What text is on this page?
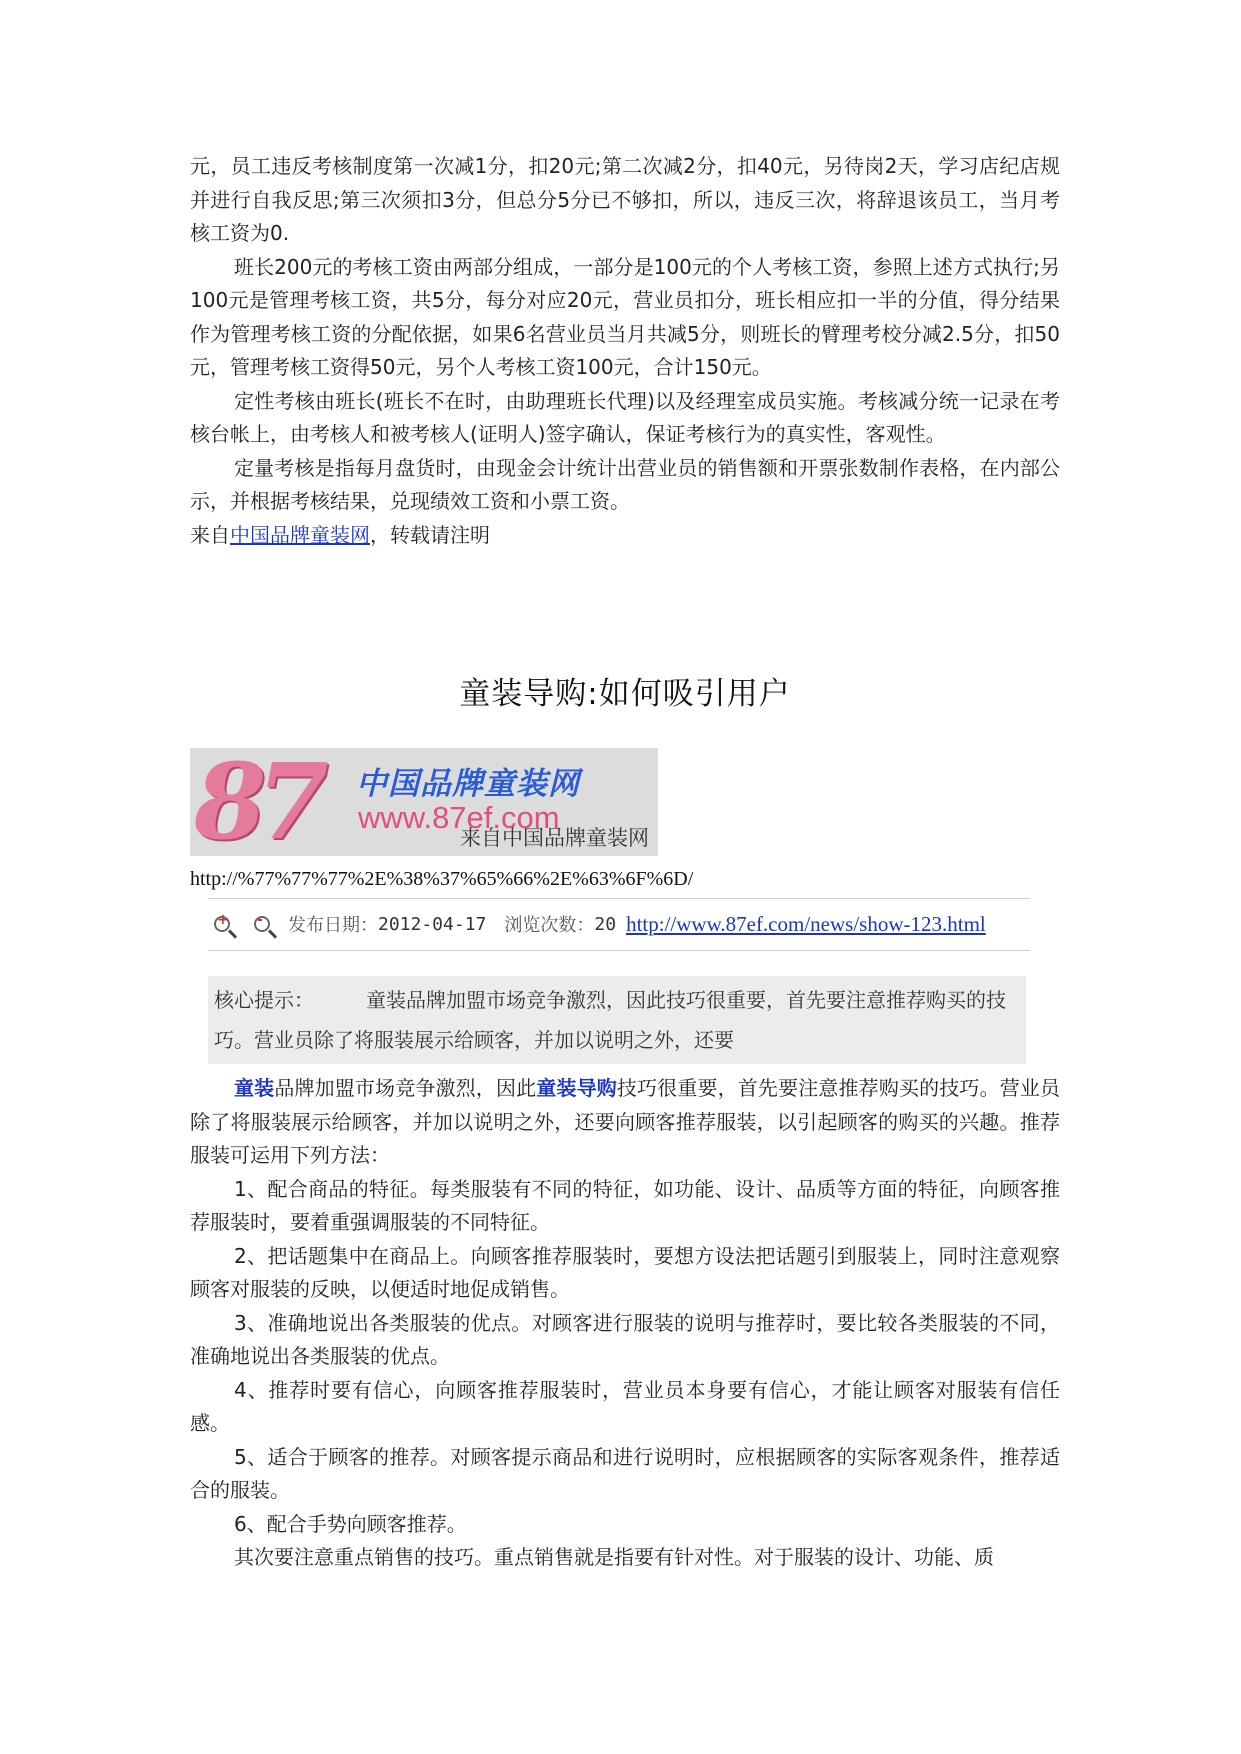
元，员工违反考核制度第一次减1分，扣20元;第二次减2分，扣40元，另待岗2天，学习店纪店规并进行自我反思;第三次须扣3分，但总分5分已不够扣，所以，违反三次，将辞退该员工，当月考核工资为0.

班长200元的考核工资由两部分组成，一部分是100元的个人考核工资，参照上述方式执行;另100元是管理考核工资，共5分，每分对应20元，营业员扣分，班长相应扣一半的分值，得分结果作为管理考核工资的分配依据，如果6名营业员当月共减5分，则班长的臂理考校分减2.5分，扣50元，管理考核工资得50元，另个人考核工资100元，合计150元。

定性考核由班长(班长不在时，由助理班长代理)以及经理室成员实施。考核减分统一记录在考核台帐上，由考核人和被考核人(证明人)签字确认，保证考核行为的真实性，客观性。

定量考核是指每月盘货时，由现金会计统计出营业员的销售额和开票张数制作表格，在内部公示，并根据考核结果，兑现绩效工资和小票工资。

来自中国品牌童装网，转载请注明

童装导购:如何吸引用户
87 中国品牌童装网
www.87ef.com
来自中国品牌童装网
http://%77%77%77%2E%38%37%65%66%2E%63%6F%6D/
+ - 发布日期： 2012-04-17 浏览次数： 20 http://www.87ef.com/news/show-123.html
核心提示：	童装品牌加盟市场竞争激烈，因此技巧很重要，首先要注意推荐购买的技巧。营业员除了将服装展示给顾客，并加以说明之外，还要

童装品牌加盟市场竞争激烈，因此童装导购技巧很重要，首先要注意推荐购买的技巧。营业员除了将服装展示给顾客，并加以说明之外，还要向顾客推荐服装，以引起顾客的购买的兴趣。推荐服装可运用下列方法：

1、配合商品的特征。每类服装有不同的特征，如功能、设计、品质等方面的特征，向顾客推荐服装时，要着重强调服装的不同特征。

2、把话题集中在商品上。向顾客推荐服装时，要想方设法把话题引到服装上，同时注意观察顾客对服装的反映，以便适时地促成销售。

3、准确地说出各类服装的优点。对顾客进行服装的说明与推荐时，要比较各类服装的不同，准确地说出各类服装的优点。

4、推荐时要有信心，向顾客推荐服装时，营业员本身要有信心，才能让顾客对服装有信任感。

5、适合于顾客的推荐。对顾客提示商品和进行说明时，应根据顾客的实际客观条件，推荐适合的服装。

6、配合手势向顾客推荐。

其次要注意重点销售的技巧。重点销售就是指要有针对性。对于服装的设计、功能、质
